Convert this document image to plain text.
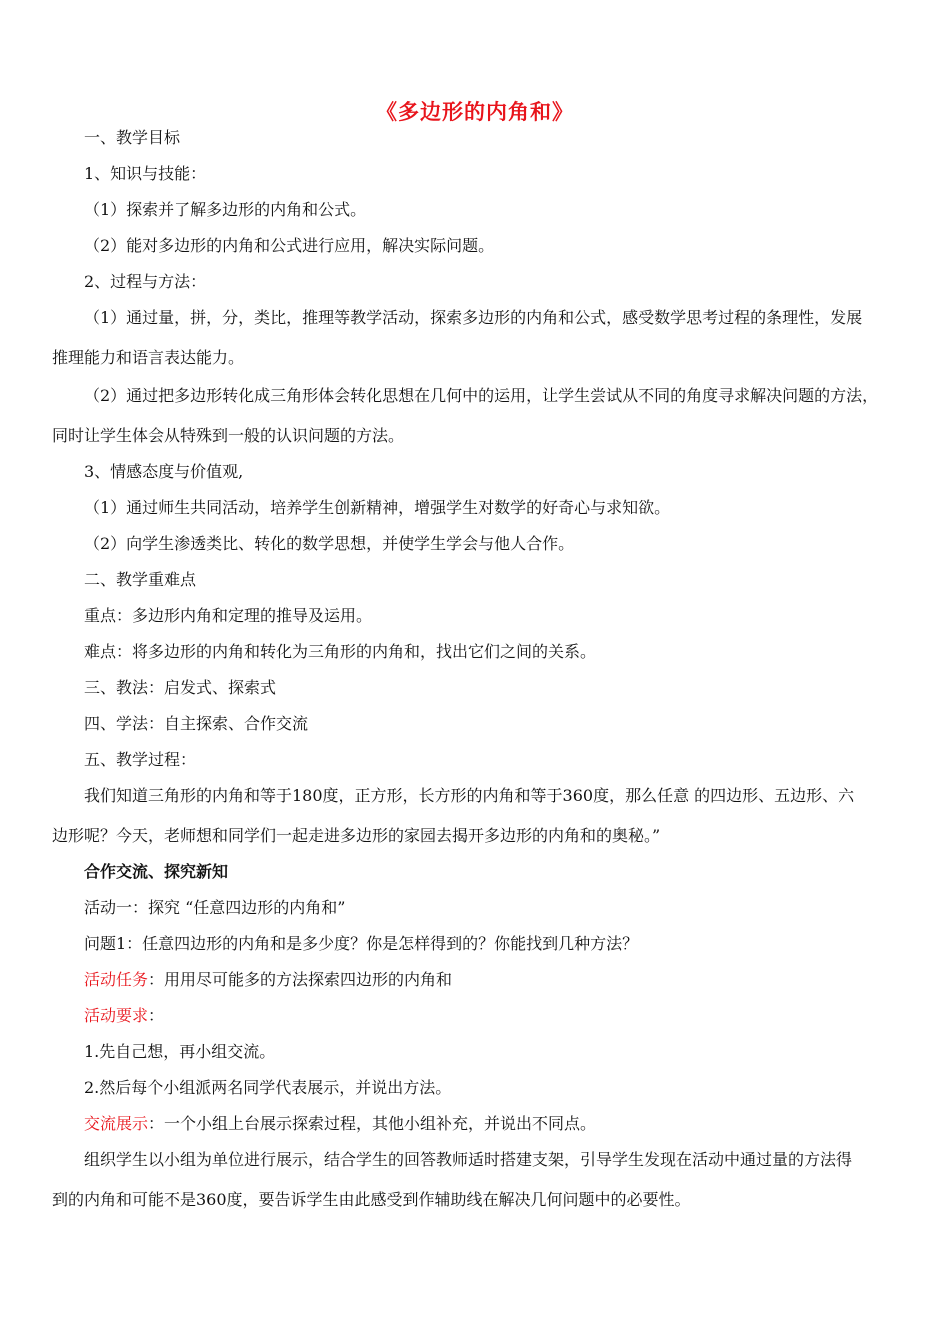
《多边形的内角和》
一、教学目标
1、知识与技能：
（1）探索并了解多边形的内角和公式。
（2）能对多边形的内角和公式进行应用，解决实际问题。
2、过程与方法：
（1）通过量，拼，分，类比，推理等教学活动，探索多边形的内角和公式，感受数学思考过程的条理性，发展
推理能力和语言表达能力。
（2）通过把多边形转化成三角形体会转化思想在几何中的运用，让学生尝试从不同的角度寻求解决问题的方法，
同时让学生体会从特殊到一般的认识问题的方法。
3、情感态度与价值观,
（1）通过师生共同活动，培养学生创新精神，增强学生对数学的好奇心与求知欲。
（2）向学生渗透类比、转化的数学思想，并使学生学会与他人合作。
二、教学重难点
重点：多边形内角和定理的推导及运用。
难点：将多边形的内角和转化为三角形的内角和，找出它们之间的关系。
三、教法：启发式、探索式
四、学法：自主探索、合作交流
五、教学过程：
我们知道三角形的内角和等于180度，正方形，长方形的内角和等于360度，那么任意 的四边形、五边形、六
边形呢？今天，老师想和同学们一起走进多边形的家园去揭开多边形的内角和的奥秘。”
合作交流、探究新知
活动一：探究 “任意四边形的内角和”
问题1：任意四边形的内角和是多少度？你是怎样得到的？你能找到几种方法？
活动任务：用用尽可能多的方法探索四边形的内角和
活动要求：
1.先自己想，再小组交流。
2.然后每个小组派两名同学代表展示，并说出方法。
交流展示：一个小组上台展示探索过程，其他小组补充，并说出不同点。
组织学生以小组为单位进行展示，结合学生的回答教师适时搭建支架，引导学生发现在活动中通过量的方法得
到的内角和可能不是360度，要告诉学生由此感受到作辅助线在解决几何问题中的必要性。
